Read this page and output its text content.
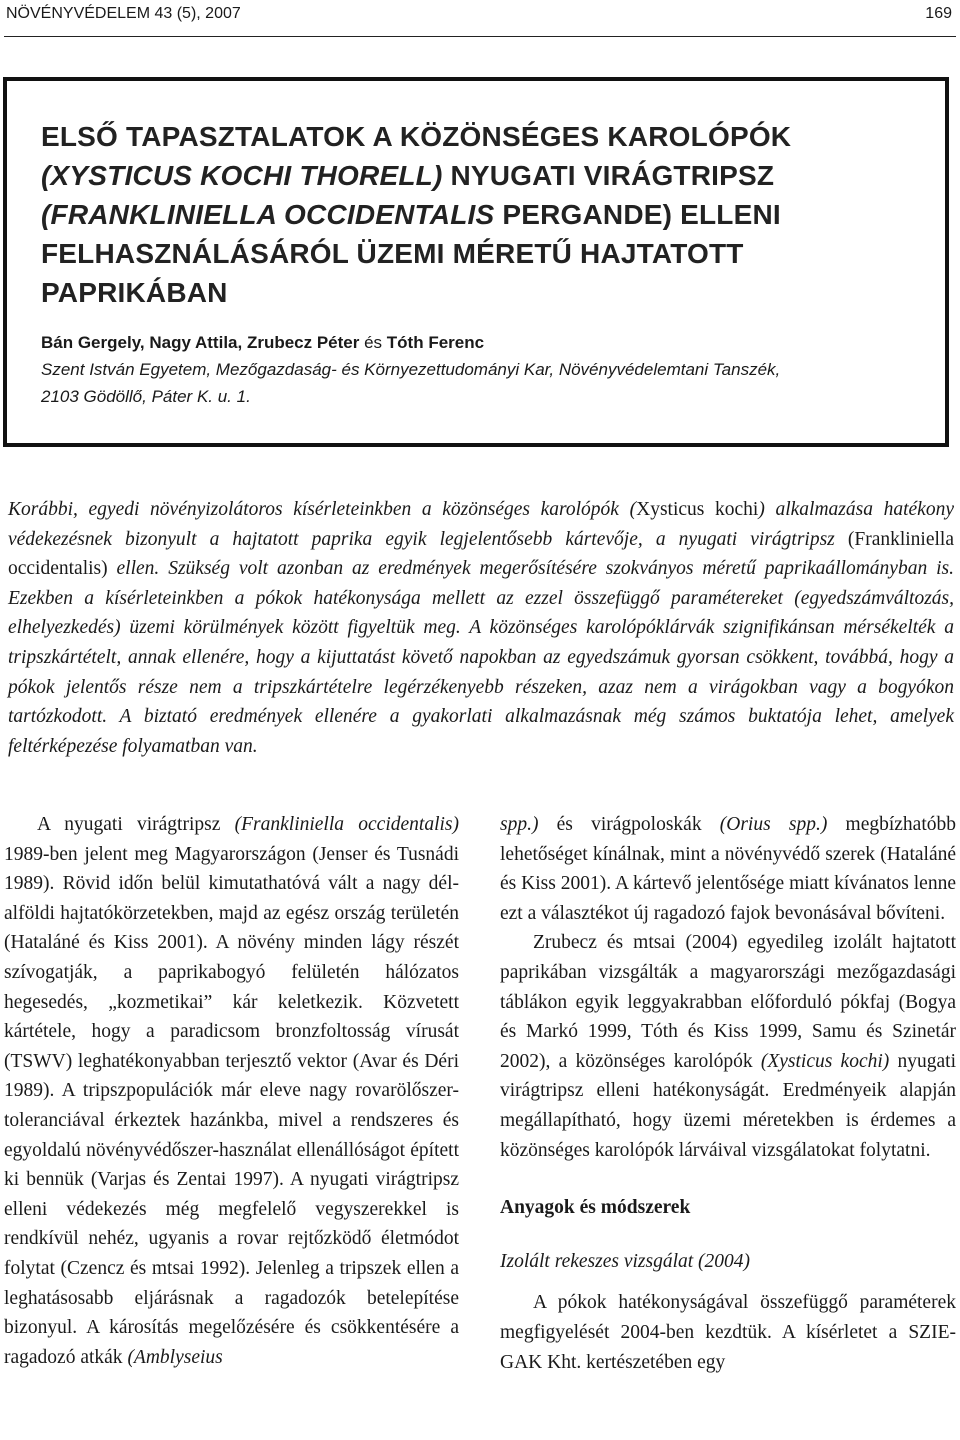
NÖVÉNYVÉDELEM 43 (5), 2007	169
ELSŐ TAPASZTALATOK A KÖZÖNSÉGES KAROLÓPÓK
(XYSTICUS KOCHI THORELL) NYUGATI VIRÁGTRIPSZ (FRANKLINIELLA OCCIDENTALIS PERGANDE) ELLENI FELHASZNÁLÁSÁRÓL ÜZEMI MÉRETŰ HAJTATOTT PAPRIKÁBAN
Bán Gergely, Nagy Attila, Zrubecz Péter és Tóth Ferenc
Szent István Egyetem, Mezőgazdaság- és Környezettudományi Kar, Növényvédelemtani Tanszék,
2103 Gödöllő, Páter K. u. 1.
Korábbi, egyedi növényizolátoros kísérleteinkben a közönséges karolópók (Xysticus kochi) alkalmazása hatékony védekezésnek bizonyult a hajtatott paprika egyik legjelentősebb kártevője, a nyugati virágtripsz (Frankliniella occidentalis) ellen. Szükség volt azonban az eredmények megerősítésére szokványos méretű paprikaállományban is. Ezekben a kísérleteinkben a pókok hatékonysága mellett az ezzel összefüggő paramétereket (egyedszámváltozás, elhelyezkedés) üzemi körülmények között figyeltük meg. A közönséges karolópóklárvák szignifikánsan mérsékelték a tripszkártételt, annak ellenére, hogy a kijuttatást követő napokban az egyedszámuk gyorsan csökkent, továbbá, hogy a pókok jelentős része nem a tripszkártételre legérzékenyebb részeken, azaz nem a virágokban vagy a bogyókon tartózkodott. A biztató eredmények ellenére a gyakorlati alkalmazásnak még számos buktatója lehet, amelyek feltérképezése folyamatban van.

A nyugati virágtripsz (Frankliniella occidentalis) 1989-ben jelent meg Magyarországon (Jenser és Tusnádi 1989). Rövid időn belül kimutathatóvá vált a nagy dél-alföldi hajtatókörzetekben, majd az egész ország területén (Hataláné és Kiss 2001). A növény minden lágy részét szívogatják, a paprikabogyó felületén hálózatos hegesedés, „kozmetikai” kár keletkezik. Közvetett kártétele, hogy a paradicsom bronzfoltosság vírusát (TSWV) leghatékonyabban terjesztő vektor (Avar és Déri 1989). A tripszpopulációk már eleve nagy rovarölőszer-toleranciával érkeztek hazánkba, mivel a rendszeres és egyoldalú növényvédőszer-használat ellenállóságot épített ki bennük (Varjas és Zentai 1997). A nyugati virágtripsz elleni védekezés még megfelelő vegyszerekkel is rendkívül nehéz, ugyanis a rovar rejtőzködő életmódot folytat (Czencz és mtsai 1992). Jelenleg a tripszek ellen a leghatásosabb eljárásnak a ragadozók betelepítése bizonyul. A károsítás megelőzésére és csökkentésére a ragadozó atkák (Amblyseius

spp.) és virágpoloskák (Orius spp.) megbízhatóbb lehetőséget kínálnak, mint a növényvédő szerek (Hataláné és Kiss 2001). A kártevő jelentősége miatt kívánatos lenne ezt a választékot új ragadozó fajok bevonásával bővíteni.

Zrubecz és mtsai (2004) egyedileg izolált hajtatott paprikában vizsgálták a magyarországi mezőgazdasági táblákon egyik leggyakrabban előforduló pókfaj (Bogya és Markó 1999, Tóth és Kiss 1999, Samu és Szinetár 2002), a közönséges karolópók (Xysticus kochi) nyugati virágtripsz elleni hatékonyságát. Eredményeik alapján megállapítható, hogy üzemi méretekben is érdemes a közönséges karolópók lárváival vizsgálatokat folytatni.

Anyagok és módszerek
Izolált rekeszes vizsgálat (2004)

A pókok hatékonyságával összefüggő paraméterek megfigyelését 2004-ben kezdtük. A kísérletet a SZIE-GAK Kht. kertészetében egy
